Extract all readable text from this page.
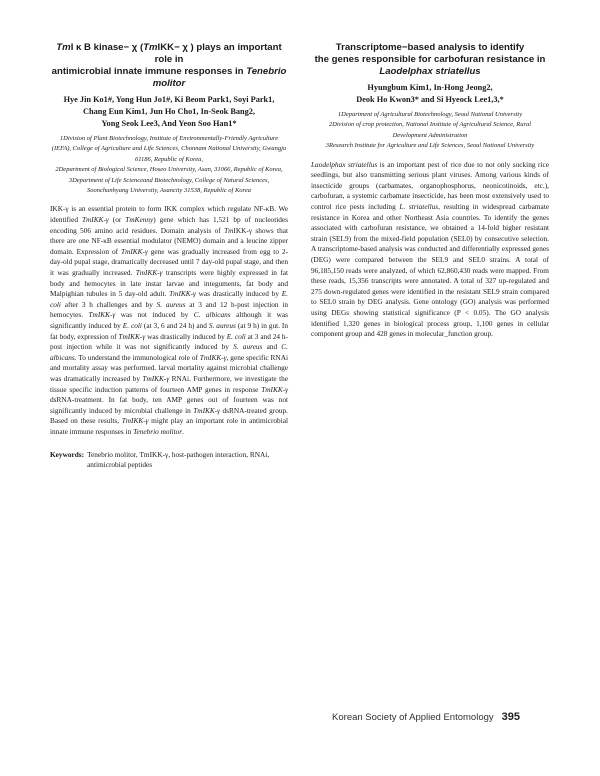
TmI κ B kinase− χ (TmIKK− χ ) plays an important role in
antimicrobial innate immune responses in Tenebrio molitor
Hye Jin Ko1#, Yong Hun Jo1#, Ki Beom Park1, Soyi Park1,
Chang Eun Kim1, Jun Ho Cho1, In-Seok Bang2,
Yong Seok Lee3, And Yeon Soo Han1*

1Division of Plant Biotechnology, Institute of Environmentally-Friendly Agriculture (IEFA), College of Agriculture and Life Sciences, Chonnam National University, Gwangju 61186, Republic of Korea,

2Department of Biological Science, Hoseo University, Asan, 31066, Republic of Korea, 3Department of Life Scienceand Biotechnology, College of Natural Sciences, Soonchunhyang University, Asancity 31538, Republic of Korea

IKK-γ is an essential protein to form IKK complex which regulate NF-κB. We identified TmIKK-γ (or TmKenny) gene which has 1,521 bp of nucleotides encoding 506 amino acid residues. Domain analysis of TmIKK-γ shows that there are one NF-κB essential modulator (NEMO) domain and a leucine zipper domain. Expression of TmIKK-γ gene was gradually increased from egg to 2-day-old pupal stage, dramatically decreased until 7 day-old pupal stage, and then it was gradually increased. TmIKK-γ transcripts were highly expressed in fat body and hemocytes in late instar larvae and integuments, fat body and Malpighian tubules in 5 day-old adult. TmIKK-γ was drastically induced by E. coli after 3 h challenges and by S. aureus at 3 and 12 h-post injection in hemocytes. TmIKK-γ was not induced by C. albicans although it was significantly induced by E. coli (at 3, 6 and 24 h) and S. aureus (at 9 h) in gut. In fat body, expression of TmIKK-γ was drastically induced by E. coli at 3 and 24 h-post injection while it was not significantly induced by S. aureus and C. albicans. To understand the immunological role of TmIKK-γ, gene specific RNAi and mortality assay was performed. larval mortality against microbial challenge was dramatically increased by TmIKK-γ RNAi. Furthermore, we investigate the tissue specific induction patterns of fourteen AMP genes in response TmIKK-γ dsRNA-treatment. In fat body, ten AMP genes out of fourteen was not significantly induced by microbial challenge in TmIKK-γ dsRNA-treated group. Based on these results, TmIKK-γ might play an important role in antimicrobial innate immune responses in Tenebrio molitor.

Keywords: Tenebrio molitor, TmIKK-γ, host-pathogen interaction, RNAi, antimicrobial peptides
Transcriptome−based analysis to identify
the genes responsible for carbofuran resistance in
Laodelphax striatellus
Hyungbum Kim1, In-Hong Jeong2,
Deok Ho Kwon3* and Si Hyeock Lee1,3,*

1Department of Agricultural Biotechnology, Seoul National University

2Division of crop protection, National Institute of Agricultural Science, Rural Development Administration

3Research Institute for Agriculture and Life Sciences, Seoul National University

Laodelphax striatellus is an important pest of rice due to not only sucking rice seedlings, but also transmitting serious plant viruses. Among various kinds of insecticide groups (carbamates, organophosphorus, neonicotinoids, etc.), carbofuran, a systemic carbamate insecticide, has been most extensively used to control rice pests including L. striatellus, resulting in widespread carbamate resistance in Korea and other Northeast Asia countries. To identify the genes associated with carbofuran resistance, we obtained a 14-fold higher resistant strain (SEL9) from the mixed-field population (SEL0) by consecutive selection. A transcriptome-based analysis was conducted and differentially expressed genes (DEG) were compared between the SEL9 and SEL0 strains. A total of 96,185,150 reads were analyzed, of which 62,860,430 reads were mapped. From these reads, 15,356 transcripts were annotated. A total of 327 up-regulated and 275 down-regulated genes were identified in the resistant SEL9 strain compared to SEL0 strain by DEG analysis. Gene ontology (GO) analysis was performed using DEGs showing statistical significance (P < 0.05). The GO analysis identified 1,320 genes in biological process group, 1,100 genes in cellular component group and 428 genes in molecular_function group.

Korean Society of Applied Entomology 395
